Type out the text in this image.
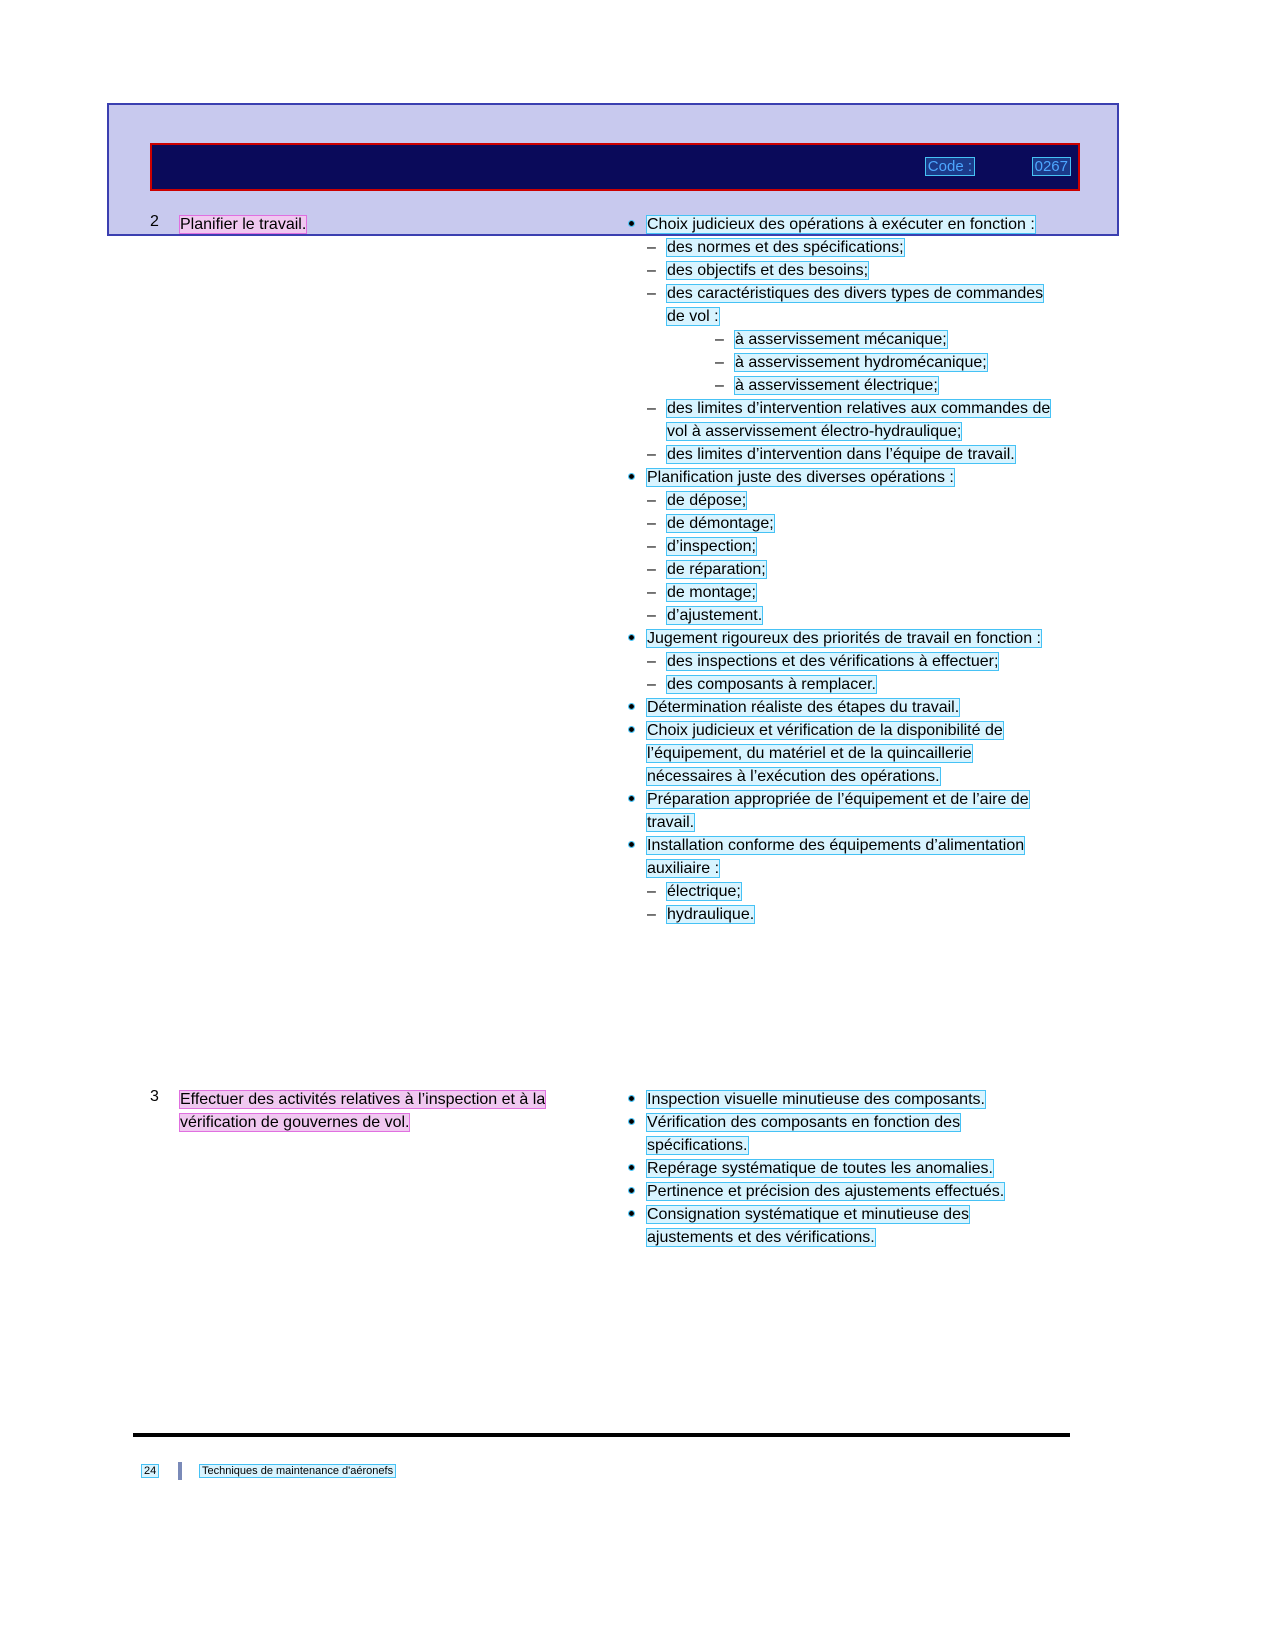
Code :	0267
2	Planifier le travail.	Choix judicieux des opérations à exécuter en fonction :
– des normes et des spécifications;
– des objectifs et des besoins;
– des caractéristiques des divers types de commandes de vol :
– à asservissement mécanique;
– à asservissement hydromécanique;
– à asservissement électrique;
– des limites d’intervention relatives aux commandes de vol à asservissement électro-hydraulique;
– des limites d’intervention dans l’équipe de travail.
Planification juste des diverses opérations :
– de dépose;
– de démontage;
– d’inspection;
– de réparation;
– de montage;
– d’ajustement.
Jugement rigoureux des priorités de travail en fonction :
– des inspections et des vérifications à effectuer;
– des composants à remplacer.
Détermination réaliste des étapes du travail.
Choix judicieux et vérification de la disponibilité de l’équipement, du matériel et de la quincaillerie nécessaires à l’exécution des opérations.
Préparation appropriée de l’équipement et de l’aire de travail.
Installation conforme des équipements d’alimentation auxiliaire :
– électrique;
– hydraulique.
3	Effectuer des activités relatives à l’inspection et à la vérification de gouvernes de vol.
Inspection visuelle minutieuse des composants.
Vérification des composants en fonction des spécifications.
Repérage systématique de toutes les anomalies.
Pertinence et précision des ajustements effectués.
Consignation systématique et minutieuse des ajustements et des vérifications.
24	Techniques de maintenance d'aéronefs
